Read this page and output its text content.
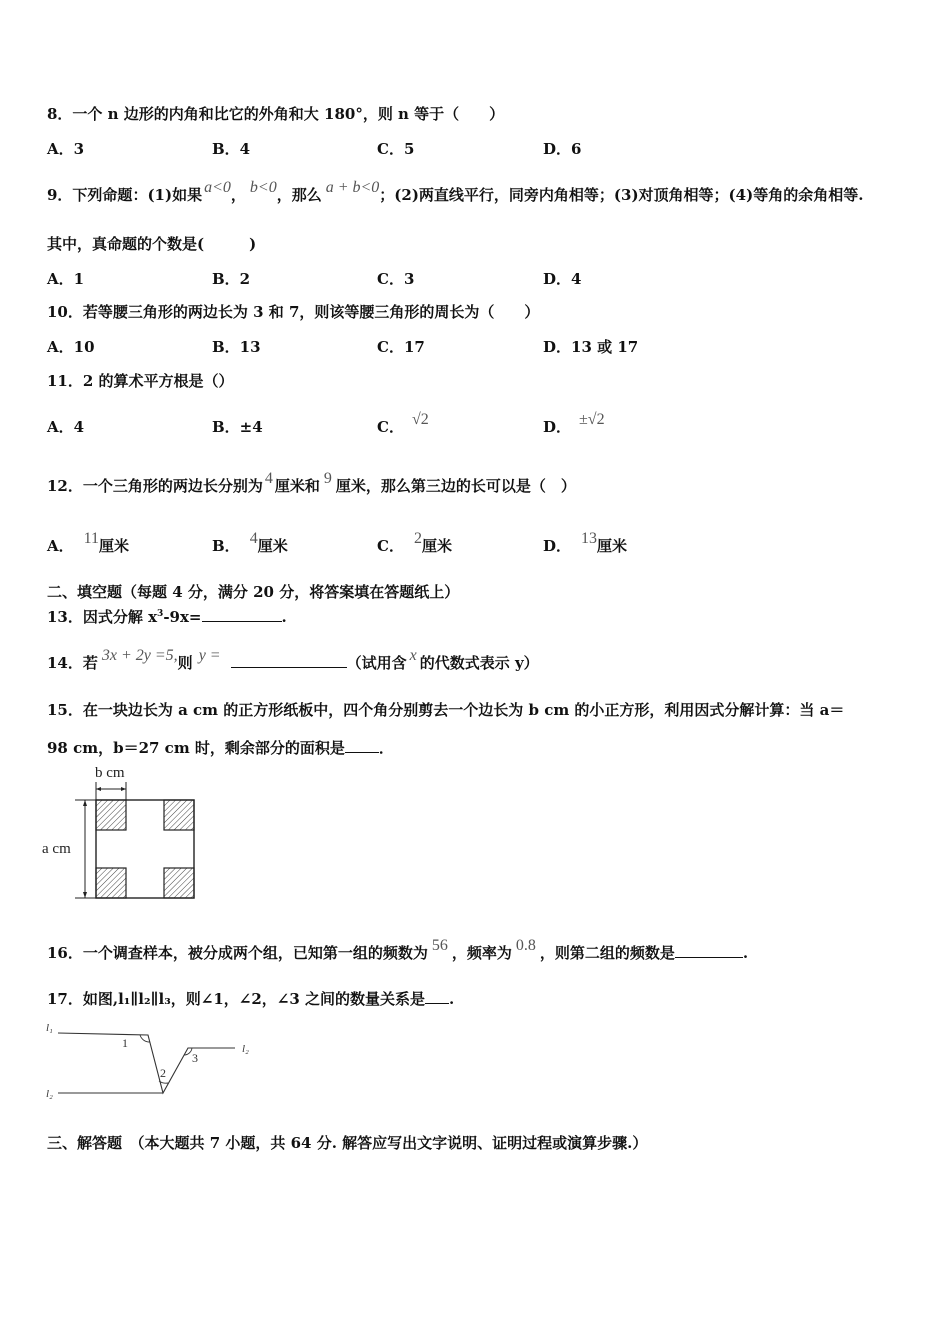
8．一个 n 边形的内角和比它的外角和大 180°，则 n 等于（　　）
A．3	B．4	C．5	D．6
9．下列命题：(1)如果 a<0， b<0，那么 a + b<0；(2)两直线平行，同旁内角相等；(3)对顶角相等；(4)等角的余角相等.
其中，真命题的个数是(　　　)
A．1	B．2	C．3	D．4
10．若等腰三角形的两边长为 3 和 7，则该等腰三角形的周长为（　　）
A．10	B．13	C．17	D．13 或 17
11．2 的算术平方根是（）
A．4	B．±4	C． √2	D． ±√2
12．一个三角形的两边长分别为 4 厘米和 9 厘米，那么第三边的长可以是（　）
A． 11厘米	B． 4厘米	C． 2厘米	D． 13厘米
二、填空题（每题 4 分，满分 20 分，将答案填在答题纸上）
13．因式分解 $x^3-9x=$	.
14．若 3x + 2y =5,则 y =	（试用含 x 的代数式表示 y）
15．在一块边长为 a cm 的正方形纸板中，四个角分别剪去一个边长为 b cm 的小正方形，利用因式分解计算：当 a＝
98 cm，b＝27 cm 时，剩余部分的面积是 ．
b cm
a cm
16．一个调查样本，被分成两个组，已知第一组的频数为 56 ，频率为 0.8 ，则第二组的频数是	.
17．如图,l₁∥l₂∥l₃，则∠1，∠2，∠3 之间的数量关系是 .
l₁
l₂
l₂
1
2
3
三、解答题　（本大题共 7 小题，共 64 分. 解答应写出文字说明、证明过程或演算步骤.）
